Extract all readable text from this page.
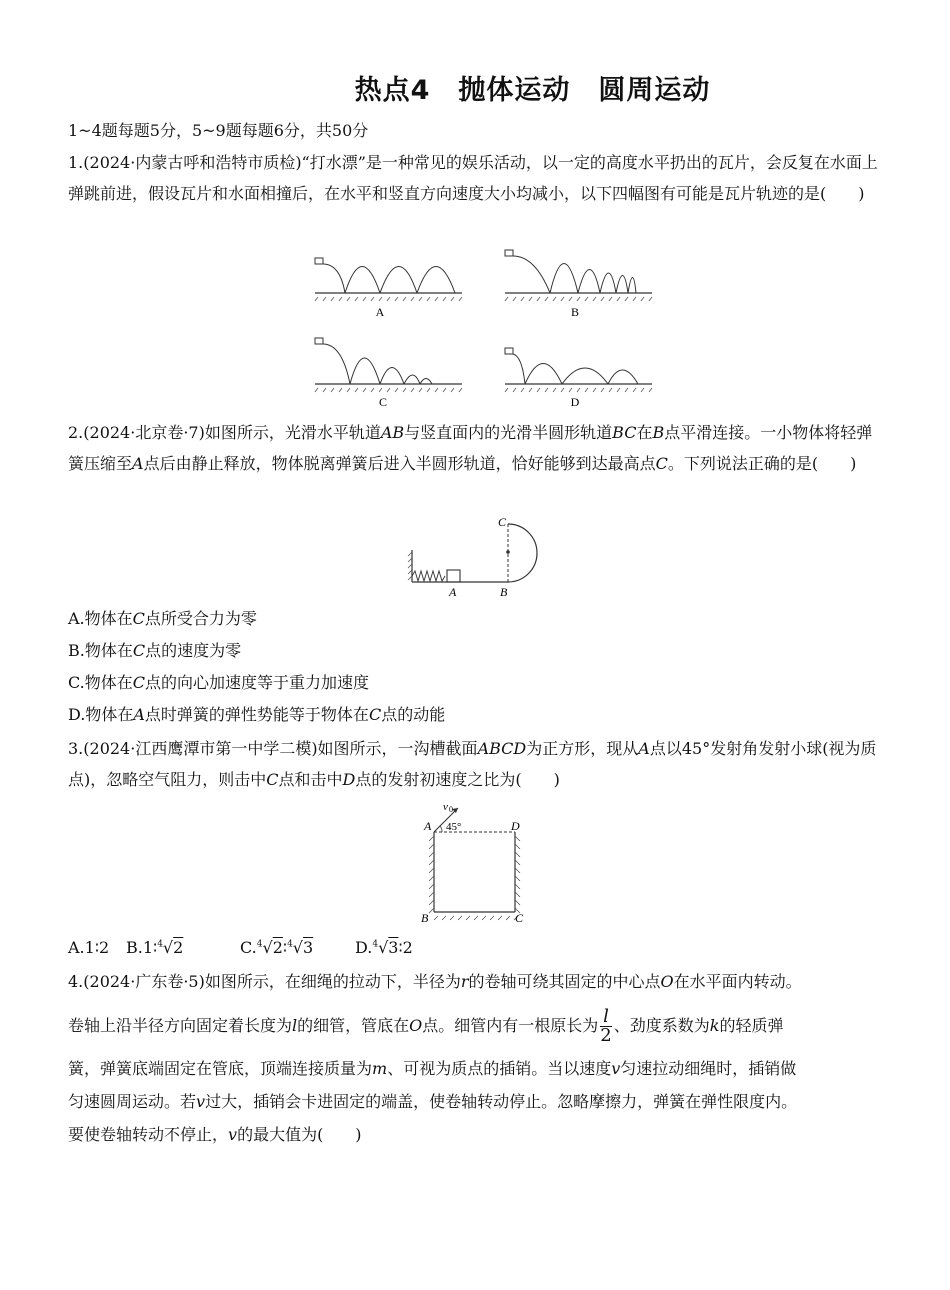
热点4　抛体运动　圆周运动
1~4题每题5分，5~9题每题6分，共50分
1.(2024·内蒙古呼和浩特市质检)“打水漂”是一种常见的娱乐活动，以一定的高度水平扔出的瓦片，会反复在水面上弹跳前进，假设瓦片和水面相撞后，在水平和竖直方向速度大小均减小，以下四幅图有可能是瓦片轨迹的是(　　)
A	B
C	D
2.(2024·北京卷·7)如图所示，光滑水平轨道AB与竖直面内的光滑半圆形轨道BC在B点平滑连接。一小物体将轻弹簧压缩至A点后由静止释放，物体脱离弹簧后进入半圆形轨道，恰好能够到达最高点C。下列说法正确的是(　　)
A	B
C
A.物体在C点所受合力为零
B.物体在C点的速度为零
C.物体在C点的向心加速度等于重力加速度
D.物体在A点时弹簧的弹性势能等于物体在C点的动能
3.(2024·江西鹰潭市第一中学二模)如图所示，一沟槽截面ABCD为正方形，现从A点以45°发射角发射小球(视为质点)，忽略空气阻力，则击中C点和击中D点的发射初速度之比为(　　)
A	D
B	C
v 0
45°
A.1∶2 B.1∶$^4$√2	C.$^4$√2∶$^4$√3	D.$^4$√3∶2
4.(2024·广东卷·5)如图所示，在细绳的拉动下，半径为r的卷轴可绕其固定的中心点O在水平面内转动。
卷轴上沿半径方向固定着长度为l的细管，管底在O点。细管内有一根原长为 $\frac{l}{2}$ 、劲度系数为k的轻质弹
簧，弹簧底端固定在管底，顶端连接质量为m、可视为质点的插销。当以速度v匀速拉动细绳时，插销做
匀速圆周运动。若v过大，插销会卡进固定的端盖，使卷轴转动停止。忽略摩擦力，弹簧在弹性限度内。
要使卷轴转动不停止，v的最大值为(　　)
